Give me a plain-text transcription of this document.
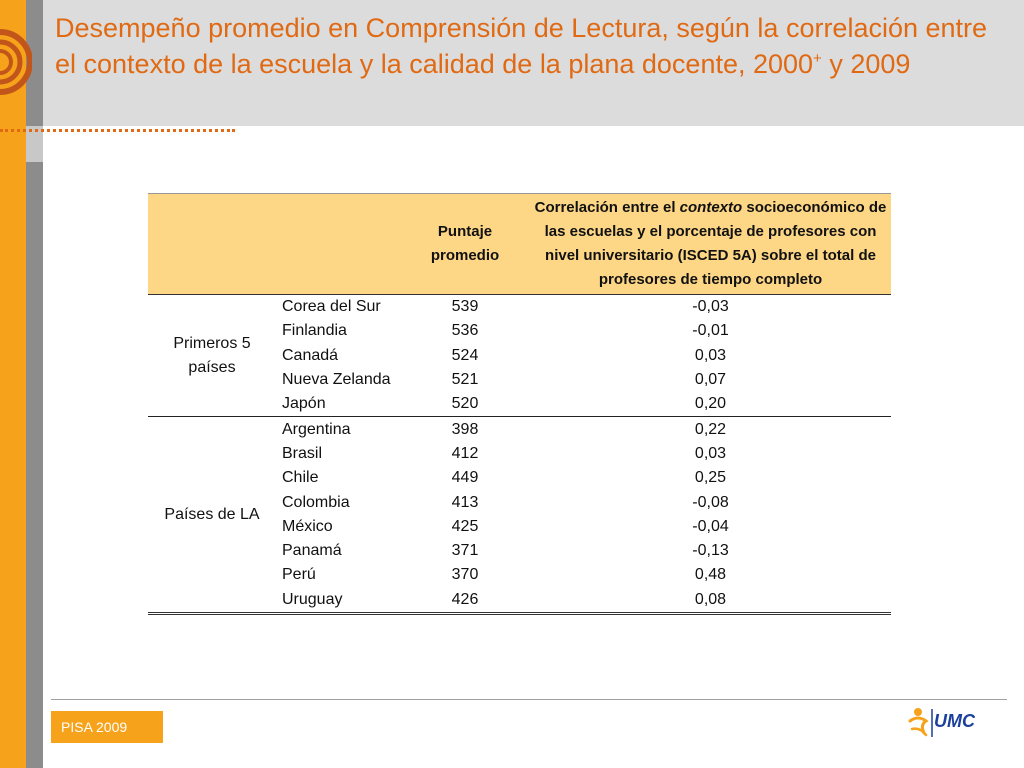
Desempeño promedio en Comprensión de Lectura, según la correlación entre el contexto de la escuela y la calidad de la plana docente, 2000+ y 2009
		Puntaje promedio	Correlación entre el contexto socioeconómico de las escuelas y el porcentaje de profesores con nivel universitario (ISCED 5A) sobre el total de profesores de tiempo completo
Primeros 5 países	Corea del Sur	539	-0,03
	Finlandia	536	-0,01
	Canadá	524	0,03
	Nueva Zelanda	521	0,07
	Japón	520	0,20
Países de LA	Argentina	398	0,22
	Brasil	412	0,03
	Chile	449	0,25
	Colombia	413	-0,08
	México	425	-0,04
	Panamá	371	-0,13
	Perú	370	0,48
	Uruguay	426	0,08
PISA 2009	UMC
